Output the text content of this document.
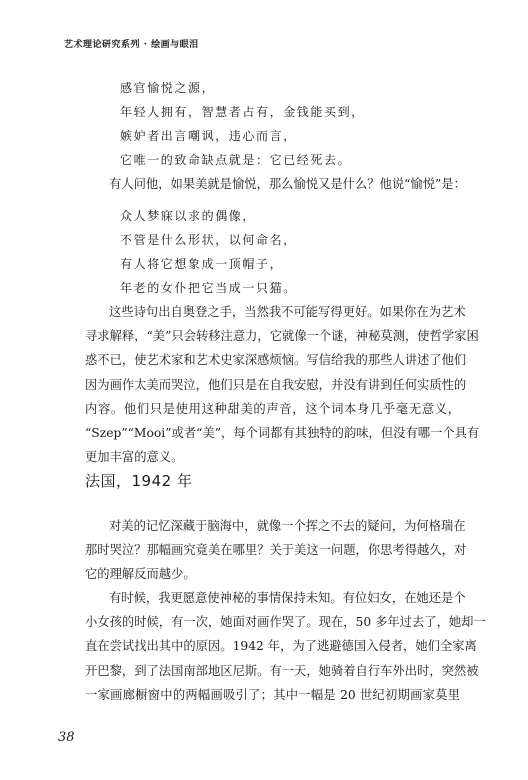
艺术理论研究系列 · 绘画与眼泪
感官愉悦之源，
年轻人拥有，智慧者占有，金钱能买到，
嫉妒者出言嘲讽，违心而言，
它唯一的致命缺点就是：它已经死去。
有人问他，如果美就是愉悦，那么愉悦又是什么？他说“愉悦”是：
众人梦寐以求的偶像，
不管是什么形状，以何命名，
有人将它想象成一顶帽子，
年老的女仆把它当成一只猫。
这些诗句出自奥登之手，当然我不可能写得更好。如果你在为艺术
寻求解释，“美”只会转移注意力，它就像一个谜，神秘莫测，使哲学家困
惑不已，使艺术家和艺术史家深感烦恼。写信给我的那些人讲述了他们
因为画作太美而哭泣，他们只是在自我安慰，并没有讲到任何实质性的
内容。他们只是使用这种甜美的声音，这个词本身几乎毫无意义，
“Szep”“Mooi”或者“美”，每个词都有其独特的韵味，但没有哪一个具有
更加丰富的意义。
法国，1942 年
对美的记忆深藏于脑海中，就像一个挥之不去的疑问，为何格瑞在
那时哭泣？那幅画究竟美在哪里？关于美这一问题，你思考得越久，对
它的理解反而越少。
有时候，我更愿意使神秘的事情保持未知。有位妇女，在她还是个
小女孩的时候，有一次，她面对画作哭了。现在，50 多年过去了，她却一
直在尝试找出其中的原因。1942 年，为了逃避德国入侵者，她们全家离
开巴黎，到了法国南部地区尼斯。有一天，她骑着自行车外出时，突然被
一家画廊橱窗中的两幅画吸引了；其中一幅是 20 世纪初期画家莫里
38
